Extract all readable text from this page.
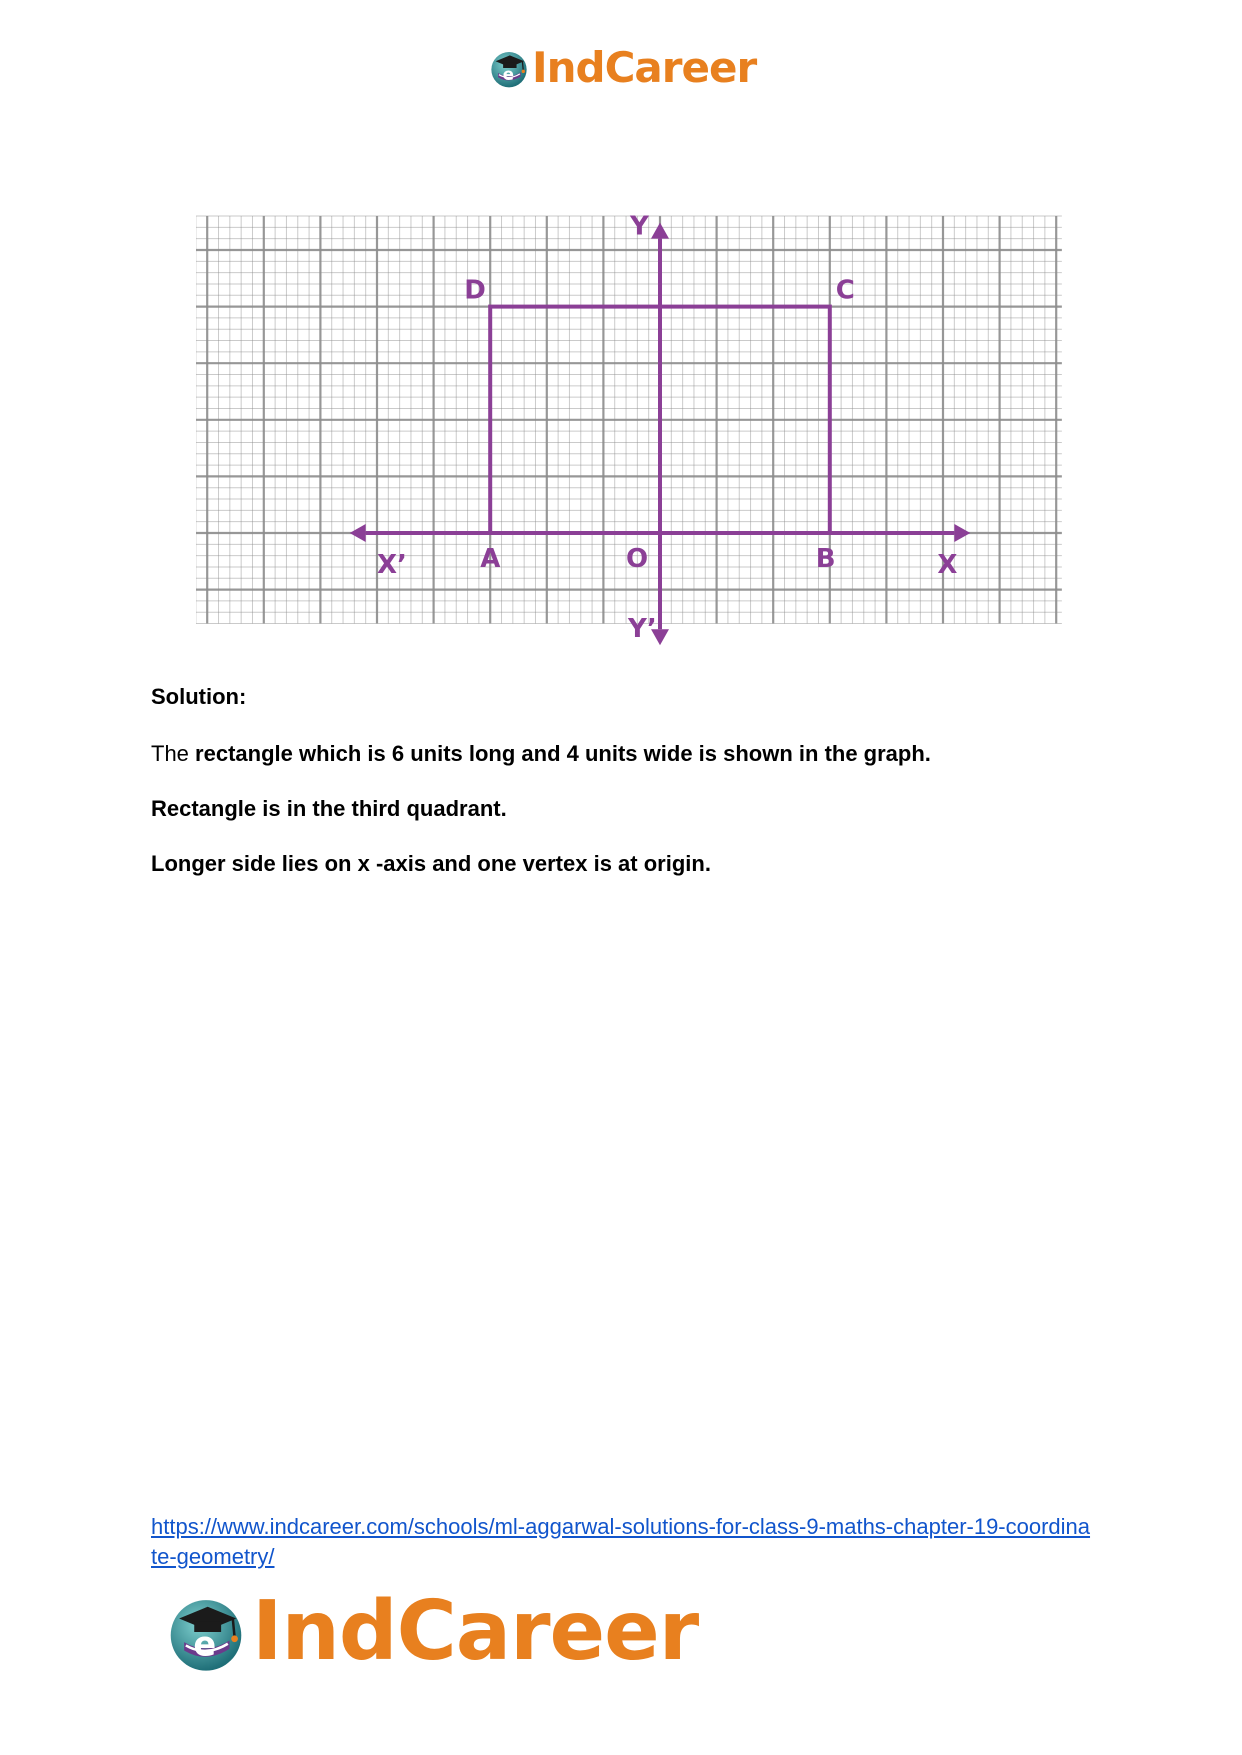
e IndCareer
X
X’
Y
Y’
O
A	B
C
D
Solution:
The rectangle which is 6 units long and 4 units wide is shown in the graph.
Rectangle is in the third quadrant.
Longer side lies on x -axis and one vertex is at origin.
https://www.indcareer.com/schools/ml-aggarwal-solutions-for-class-9-maths-chapter-19-coordinate-geometry/
e IndCareer
